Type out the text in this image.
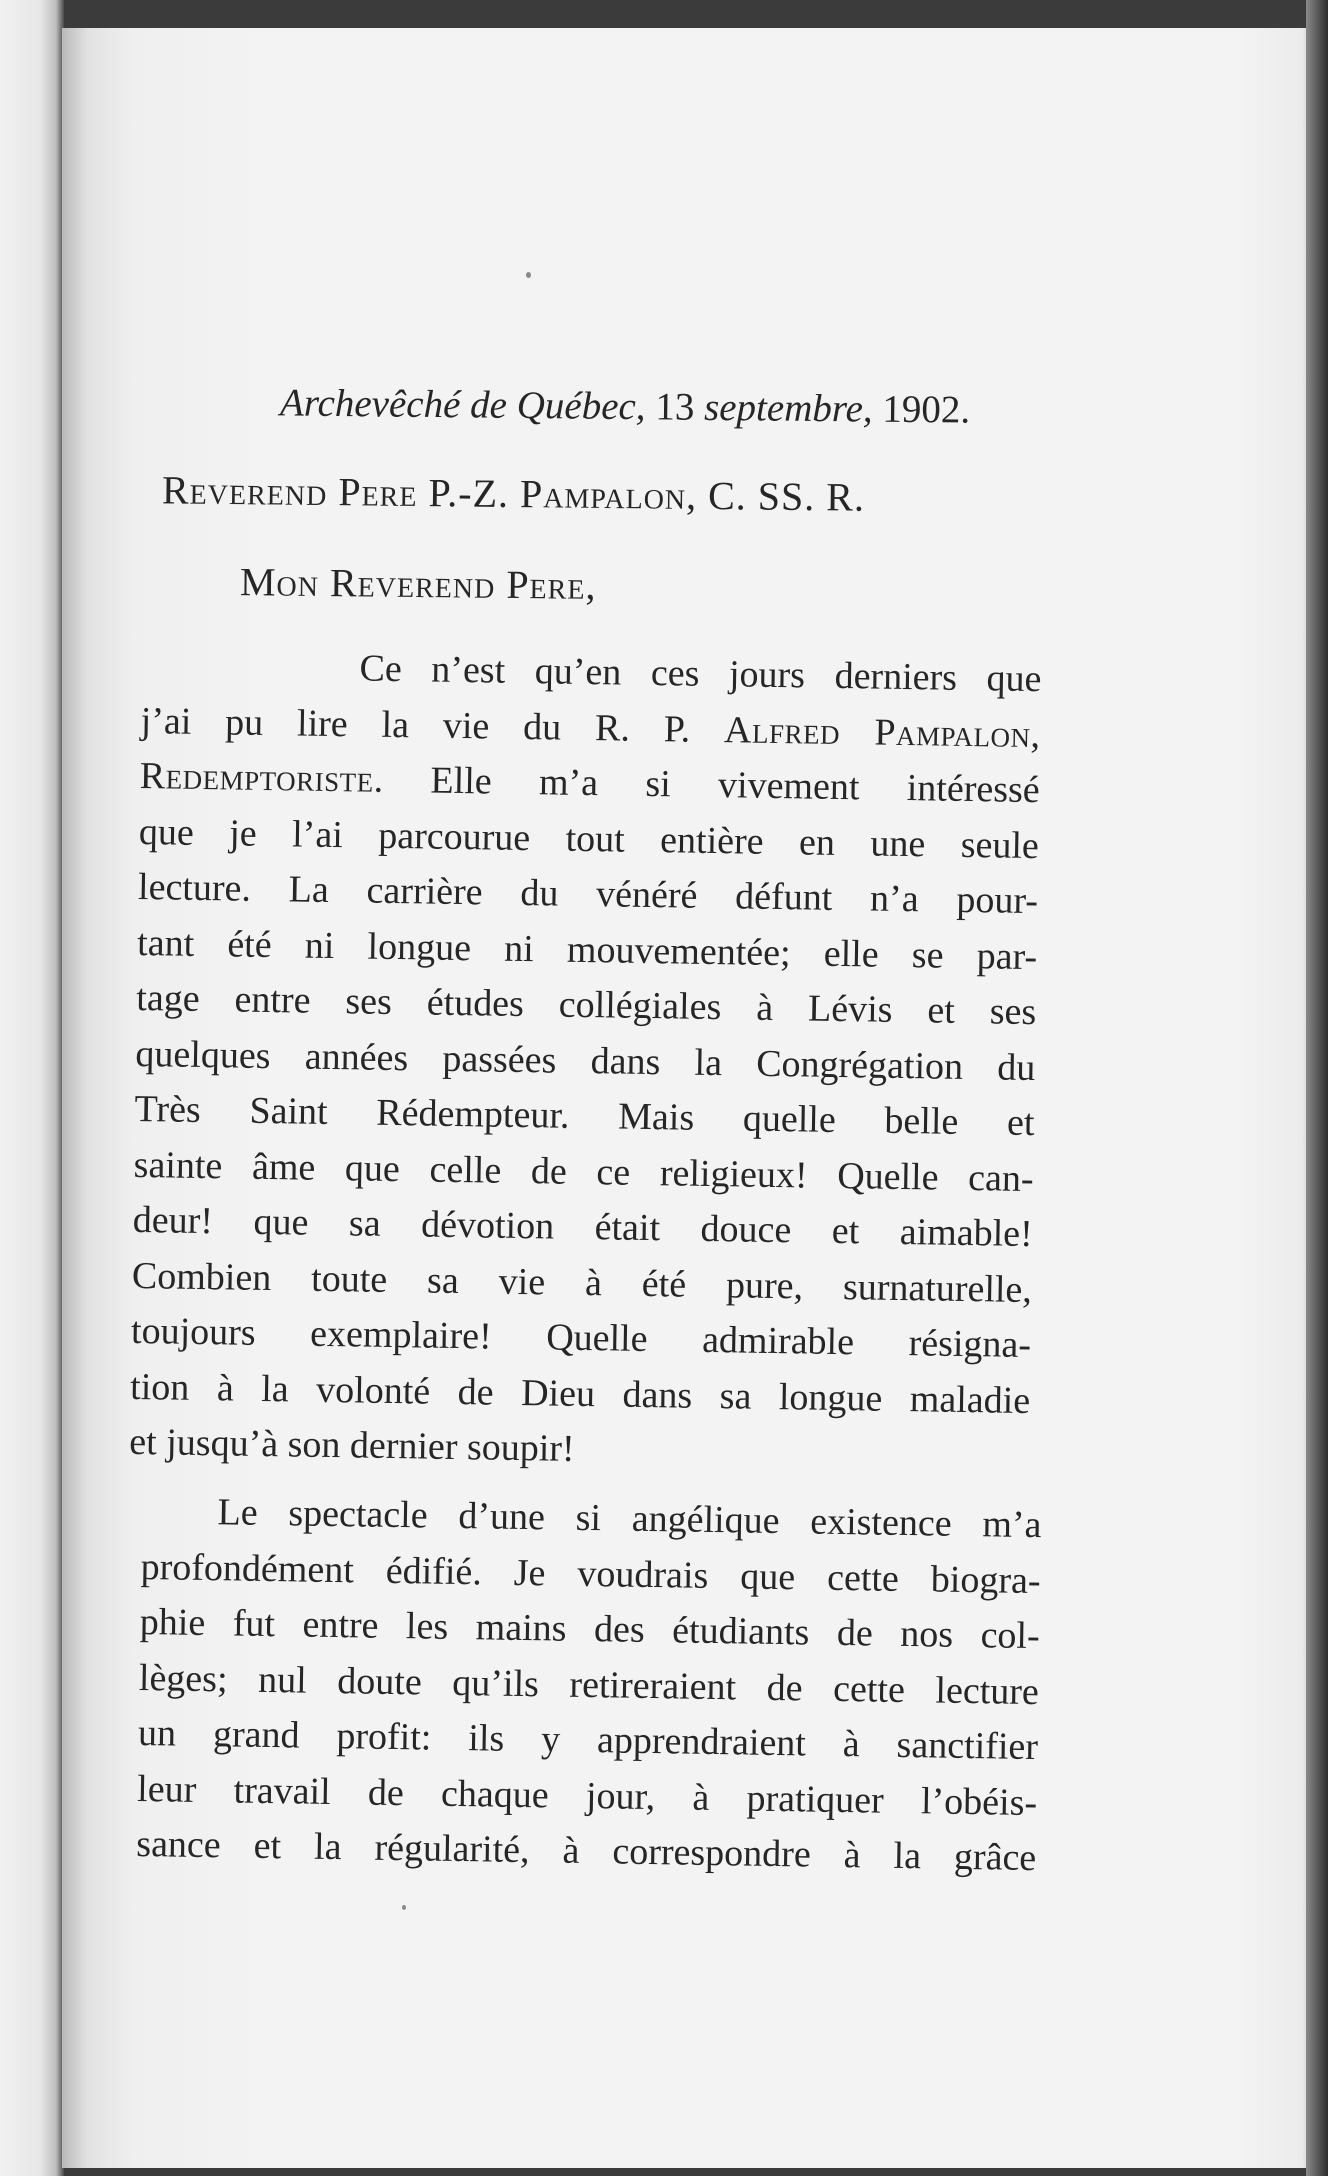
Archevêché de Québec, 13 septembre, 1902.
Reverend Pere P.-Z. Pampalon, C. SS. R.
Mon Reverend Pere,
Ce n’est qu’en ces jours derniers que
j’ai pu lire la vie du R. P. Alfred Pampalon,
Redemptoriste. Elle m’a si vivement intéressé
que je l’ai parcourue tout entière en une seule
lecture. La carrière du vénéré défunt n’a pour-
tant été ni longue ni mouvementée; elle se par-
tage entre ses études collégiales à Lévis et ses
quelques années passées dans la Congrégation du
Très Saint Rédempteur. Mais quelle belle et
sainte âme que celle de ce religieux! Quelle can-
deur! que sa dévotion était douce et aimable!
Combien toute sa vie à été pure, surnaturelle,
toujours exemplaire! Quelle admirable résigna-
tion à la volonté de Dieu dans sa longue maladie
et jusqu’à son dernier soupir!
Le spectacle d’une si angélique existence m’a
profondément édifié. Je voudrais que cette biogra-
phie fut entre les mains des étudiants de nos col-
lèges; nul doute qu’ils retireraient de cette lecture
un grand profit: ils y apprendraient à sanctifier
leur travail de chaque jour, à pratiquer l’obéis-
sance et la régularité, à correspondre à la grâce
